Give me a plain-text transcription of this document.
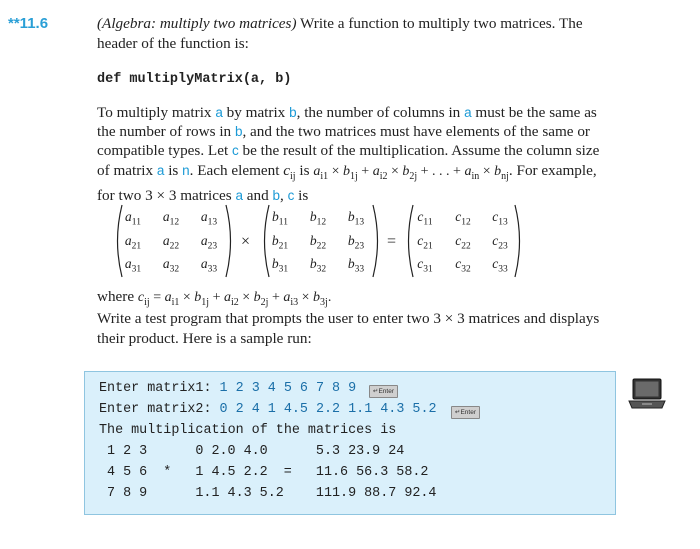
**11.6	(Algebra: multiply two matrices) Write a function to multiply two matrices. The header of the function is:
def multiplyMatrix(a, b)
To multiply matrix a by matrix b, the number of columns in a must be the same as the number of rows in b, and the two matrices must have elements of the same or compatible types. Let c be the result of the multiplication. Assume the column size of matrix a is n. Each element $c_{ij}$ is $a_{i1} \times b_{1j} + a_{i2} \times b_{2j}$ + . . . + $a_{in} \times b_{nj}$. For example, for two 3 × 3 matrices a and b, c is
$a_{11}$	$a_{12}$	$a_{13}$
$a_{21}$	$a_{22}$	$a_{23}$
$a_{31}$	$a_{32}$	$a_{33}$
×
$b_{11}$	$b_{12}$	$b_{13}$
$b_{21}$	$b_{22}$	$b_{23}$
$b_{31}$	$b_{32}$	$b_{33}$
=
$c_{11}$	$c_{12}$	$c_{13}$
$c_{21}$	$c_{22}$	$c_{23}$
$c_{31}$	$c_{32}$	$c_{33}$
where $c_{ij} = a_{i1} \times b_{1j} + a_{i2} \times b_{2j} + a_{i3} \times b_{3j}$.
Write a test program that prompts the user to enter two 3 × 3 matrices and displays their product. Here is a sample run:
Enter matrix1: 1 2 3 4 5 6 7 8 9	↵Enter
Enter matrix2: 0 2 4 1 4.5 2.2 1.1 4.3 5.2	↵Enter
The multiplication of the matrices is
1 2 3      0 2.0 4.0      5.3 23.9 24
4 5 6  *   1 4.5 2.2  =   11.6 56.3 58.2
7 8 9      1.1 4.3 5.2    111.9 88.7 92.4
